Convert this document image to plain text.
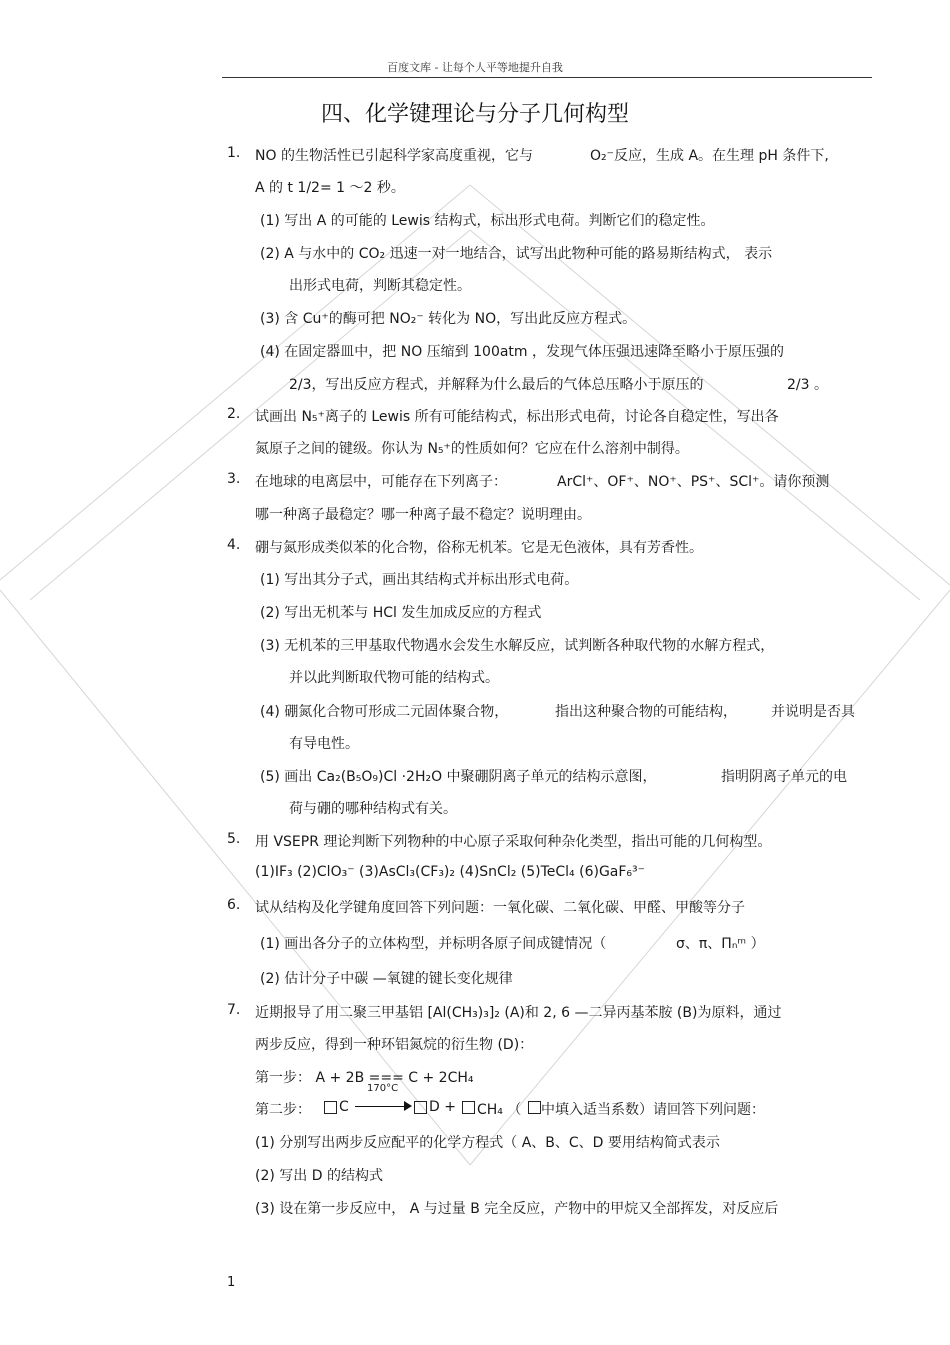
百度文库 - 让每个人平等地提升自我
四、化学键理论与分子几何构型
1. NO 的生物活性已引起科学家高度重视，它与	O₂⁻反应，生成 A。在生理 pH 条件下,
A 的 t 1/2= 1 ～2 秒。
(1) 写出 A 的可能的 Lewis 结构式，标出形式电荷。判断它们的稳定性。
(2) A 与水中的 CO₂ 迅速一对一地结合，试写出此物种可能的路易斯结构式， 表示
出形式电荷，判断其稳定性。
(3) 含 Cu⁺的酶可把 NO₂⁻ 转化为 NO，写出此反应方程式。
(4) 在固定器皿中，把 NO 压缩到 100atm ，发现气体压强迅速降至略小于原压强的
2/3，写出反应方程式，并解释为什么最后的气体总压略小于原压的	2/3 。
2. 试画出 N₅⁺离子的 Lewis 所有可能结构式，标出形式电荷，讨论各自稳定性，写出各
氮原子之间的键级。你认为 N₅⁺的性质如何？它应在什么溶剂中制得。
3. 在地球的电离层中，可能存在下列离子：	ArCl⁺、OF⁺、NO⁺、PS⁺、SCl⁺。请你预测
哪一种离子最稳定？哪一种离子最不稳定？说明理由。
4. 硼与氮形成类似苯的化合物，俗称无机苯。它是无色液体，具有芳香性。
(1) 写出其分子式，画出其结构式并标出形式电荷。
(2) 写出无机苯与 HCl 发生加成反应的方程式
(3) 无机苯的三甲基取代物遇水会发生水解反应，试判断各种取代物的水解方程式，
并以此判断取代物可能的结构式。
(4) 硼氮化合物可形成二元固体聚合物，	指出这种聚合物的可能结构， 并说明是否具
有导电性。
(5) 画出 Ca₂(B₅O₉)Cl ·2H₂O 中聚硼阴离子单元的结构示意图，	指明阴离子单元的电
荷与硼的哪种结构式有关。
5. 用 VSEPR 理论判断下列物种的中心原子采取何种杂化类型，指出可能的几何构型。
(1)IF₃ (2)ClO₃⁻ (3)AsCl₃(CF₃)₂ (4)SnCl₂ (5)TeCl₄ (6)GaF₆³⁻
6. 试从结构及化学键角度回答下列问题：一氧化碳、二氧化碳、甲醛、甲酸等分子
(1) 画出各分子的立体构型，并标明各原子间成键情况（	σ、π、Πₙᵐ ）
(2) 估计分子中碳 —氧键的键长变化规律
7. 近期报导了用二聚三甲基铝 [Al(CH₃)₃]₂ (A)和 2, 6 —二异丙基苯胺 (B)为原料，通过
两步反应，得到一种环铝氮烷的衍生物 (D)：
第一步： A + 2B === C + 2CH₄
170°C
第二步： C	D + CH₄ （ 中填入适当系数）请回答下列问题：
(1) 分别写出两步反应配平的化学方程式（ A、B、C、D 要用结构简式表示
(2) 写出 D 的结构式
(3) 设在第一步反应中， A 与过量 B 完全反应，产物中的甲烷又全部挥发，对反应后
1
